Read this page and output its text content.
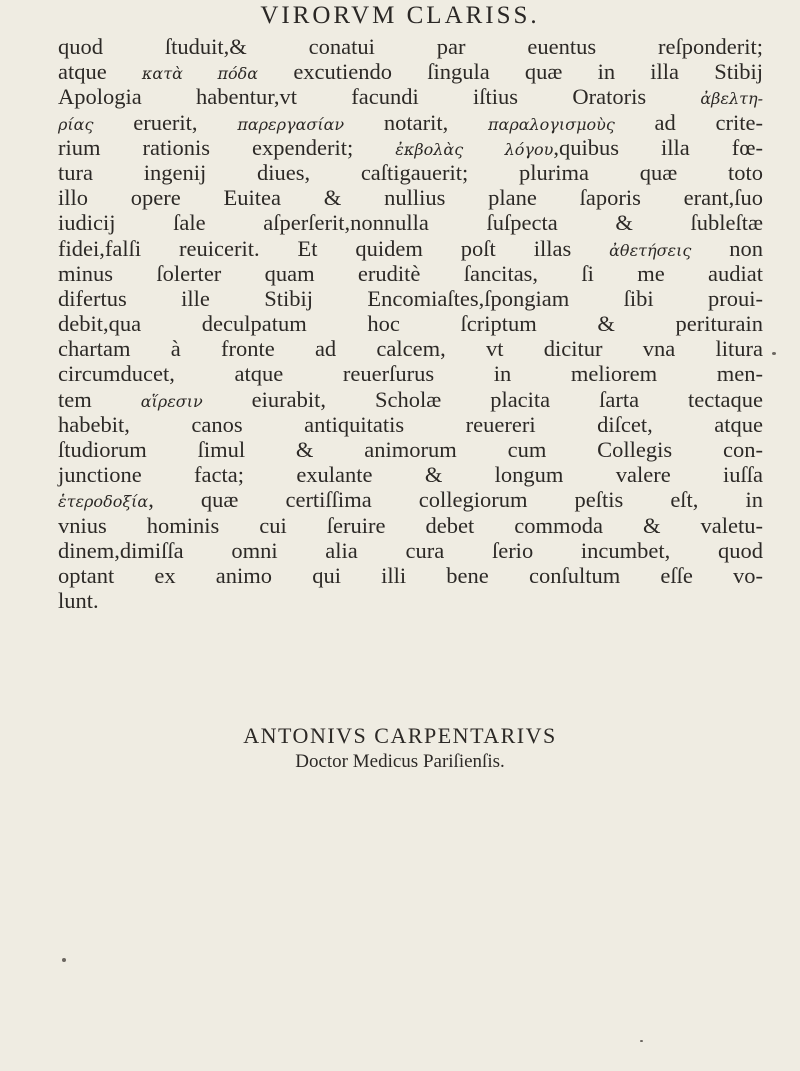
VIRORVM CLARISS.
quod ſtuduit,& conatui par euentus reſponderit;
atque κατὰ πόδα excutiendo ſingula quæ in illa Stibij
Apologia habentur,vt facundi iſtius Oratoris ἀβελτη-
ρίας eruerit, παρεργασίαν notarit, παραλογισμοὺς ad crite-
rium rationis expenderit; ἐκβολὰς λόγου,quibus illa fœ-
tura ingenij diues, caſtigauerit; plurima quæ toto
illo opere Euitea & nullius plane ſaporis erant,ſuo
iudicij ſale aſperſerit,nonnulla ſuſpecta & ſubleſtæ
fidei,falſi reuicerit. Et quidem poſt illas ἀθετήσεις non
minus ſolerter quam eruditè ſancitas, ſi me audiat
difertus ille Stibij Encomiaſtes,ſpongiam ſibi proui-
debit,qua deculpatum hoc ſcriptum & periturain
chartam à fronte ad calcem, vt dicitur vna litura
circumducet, atque reuerſurus in meliorem men-
tem αἵρεσιν eiurabit, Scholæ placita ſarta tectaque
habebit, canos antiquitatis reuereri diſcet, atque
ſtudiorum ſimul & animorum cum Collegis con-
junctione facta; exulante & longum valere iuſſa
ἑτεροδοξία, quæ certiſſima collegiorum peſtis eſt, in
vnius hominis cui ſeruire debet commoda & valetu-
dinem,dimiſſa omni alia cura ſerio incumbet, quod
optant ex animo qui illi bene conſultum eſſe vo-
lunt.
ANTONIVS CARPENTARIVS
Doctor Medicus Pariſienſis.
